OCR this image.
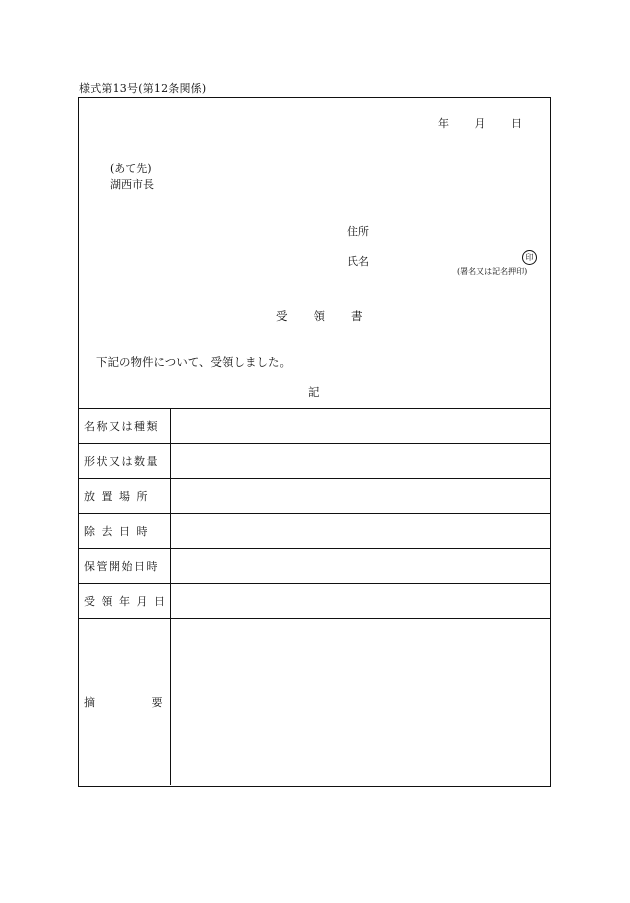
様式第13号(第12条関係)
年 月 日
(あて先)
湖西市長
住所
氏名	印
(署名又は記名押印)
受領書
下記の物件について、受領しました。
記
名称又は種類	
形状又は数量	
放 置 場 所	
除 去 日 時	
保管開始日時	
受 領 年 月 日	

摘 要	
